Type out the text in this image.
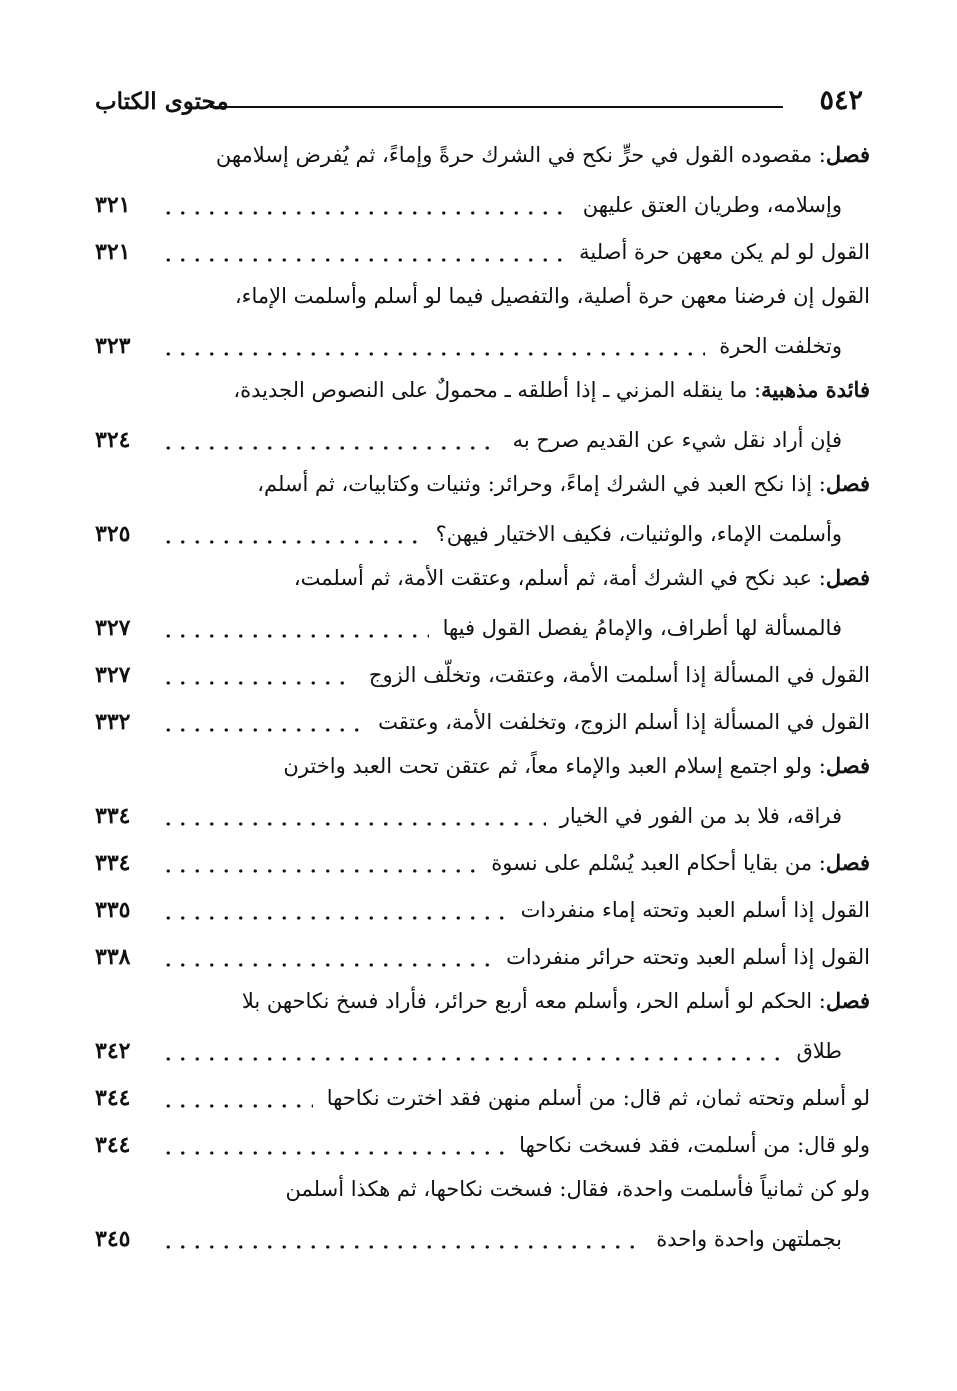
٥٤٢
محتوى الكتاب
فصل: مقصوده القول في حرٍّ نكح في الشرك حرةً وإماءً، ثم يُفرض إسلامهن
وإسلامه، وطريان العتق عليهن
٣٢١
القول لو لم يكن معهن حرة أصلية
٣٢١
القول إن فرضنا معهن حرة أصلية، والتفصيل فيما لو أسلم وأسلمت الإماء،
وتخلفت الحرة
٣٢٣
فائدة مذهبية: ما ينقله المزني ـ إذا أطلقه ـ محمولٌ على النصوص الجديدة،
فإن أراد نقل شيء عن القديم صرح به
٣٢٤
فصل: إذا نكح العبد في الشرك إماءً، وحرائر: وثنيات وكتابيات، ثم أسلم،
وأسلمت الإماء، والوثنيات، فكيف الاختيار فيهن؟
٣٢٥
فصل: عبد نكح في الشرك أمة، ثم أسلم، وعتقت الأمة، ثم أسلمت،
فالمسألة لها أطراف، والإمامُ يفصل القول فيها
٣٢٧
القول في المسألة إذا أسلمت الأمة، وعتقت، وتخلّف الزوج
٣٢٧
القول في المسألة إذا أسلم الزوج، وتخلفت الأمة، وعتقت
٣٣٢
فصل: ولو اجتمع إسلام العبد والإماء معاً، ثم عتقن تحت العبد واخترن
فراقه، فلا بد من الفور في الخيار
٣٣٤
فصل: من بقايا أحكام العبد يُسْلم على نسوة
٣٣٤
القول إذا أسلم العبد وتحته إماء منفردات
٣٣٥
القول إذا أسلم العبد وتحته حرائر منفردات
٣٣٨
فصل: الحكم لو أسلم الحر، وأسلم معه أربع حرائر، فأراد فسخ نكاحهن بلا
طلاق
٣٤٢
لو أسلم وتحته ثمان، ثم قال: من أسلم منهن فقد اخترت نكاحها
٣٤٤
ولو قال: من أسلمت، فقد فسخت نكاحها
٣٤٤
ولو كن ثمانياً فأسلمت واحدة، فقال: فسخت نكاحها، ثم هكذا أسلمن
بجملتهن واحدة واحدة
٣٤٥
